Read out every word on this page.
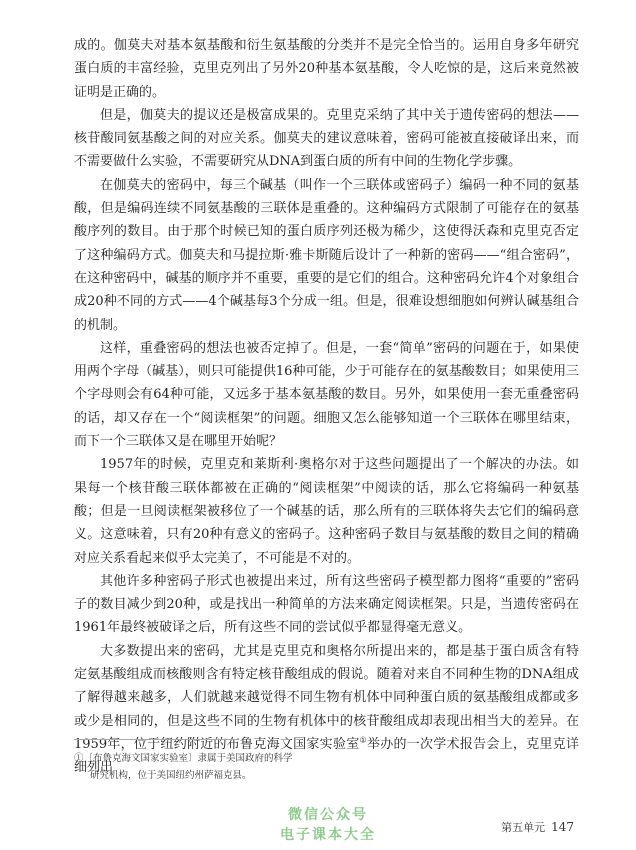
成的。伽莫夫对基本氨基酸和衍生氨基酸的分类并不是完全恰当的。运用自身多年研究蛋白质的丰富经验，克里克列出了另外20种基本氨基酸，令人吃惊的是，这后来竟然被证明是正确的。

但是，伽莫夫的提议还是极富成果的。克里克采纳了其中关于遗传密码的想法——核苷酸同氨基酸之间的对应关系。伽莫夫的建议意味着，密码可能被直接破译出来，而不需要做什么实验，不需要研究从DNA到蛋白质的所有中间的生物化学步骤。

在伽莫夫的密码中，每三个碱基（叫作一个三联体或密码子）编码一种不同的氨基酸，但是编码连续不同氨基酸的三联体是重叠的。这种编码方式限制了可能存在的氨基酸序列的数目。由于那个时候已知的蛋白质序列还极为稀少，这使得沃森和克里克否定了这种编码方式。伽莫夫和马提拉斯·雅卡斯随后设计了一种新的密码——“组合密码”，在这种密码中，碱基的顺序并不重要，重要的是它们的组合。这种密码允许4个对象组合成20种不同的方式——4个碱基每3个分成一组。但是，很难设想细胞如何辨认碱基组合的机制。

这样，重叠密码的想法也被否定掉了。但是，一套“简单”密码的问题在于，如果使用两个字母（碱基），则只可能提供16种可能，少于可能存在的氨基酸数目；如果使用三个字母则会有64种可能，又远多于基本氨基酸的数目。另外，如果使用一套无重叠密码的话，却又存在一个“阅读框架”的问题。细胞又怎么能够知道一个三联体在哪里结束，而下一个三联体又是在哪里开始呢？

1957年的时候，克里克和莱斯利·奥格尔对于这些问题提出了一个解决的办法。如果每一个核苷酸三联体都被在正确的“阅读框架”中阅读的话，那么它将编码一种氨基酸；但是一旦阅读框架被移位了一个碱基的话，那么所有的三联体将失去它们的编码意义。这意味着，只有20种有意义的密码子。这种密码子数目与氨基酸的数目之间的精确对应关系看起来似乎太完美了，不可能是不对的。

其他许多种密码子形式也被提出来过，所有这些密码子模型都力图将“重要的”密码子的数目减少到20种，或是找出一种简单的方法来确定阅读框架。只是，当遗传密码在1961年最终被破译之后，所有这些不同的尝试似乎都显得毫无意义。

大多数提出来的密码，尤其是克里克和奥格尔所提出来的，都是基于蛋白质含有特定氨基酸组成而核酸则含有特定核苷酸组成的假说。随着对来自不同种生物的DNA组成了解得越来越多，人们就越来越觉得不同生物有机体中同种蛋白质的氨基酸组成都或多或少是相同的，但是这些不同的生物有机体中的核苷酸组成却表现出相当大的差异。在1959年，位于纽约附近的布鲁克海文国家实验室①举办的一次学术报告会上，克里克详细列出

①〔布鲁克海文国家实验室〕隶属于美国政府的科学
研究机构，位于美国纽约州萨福克县。
微信公众号
电子课本大全	第五单元 147
